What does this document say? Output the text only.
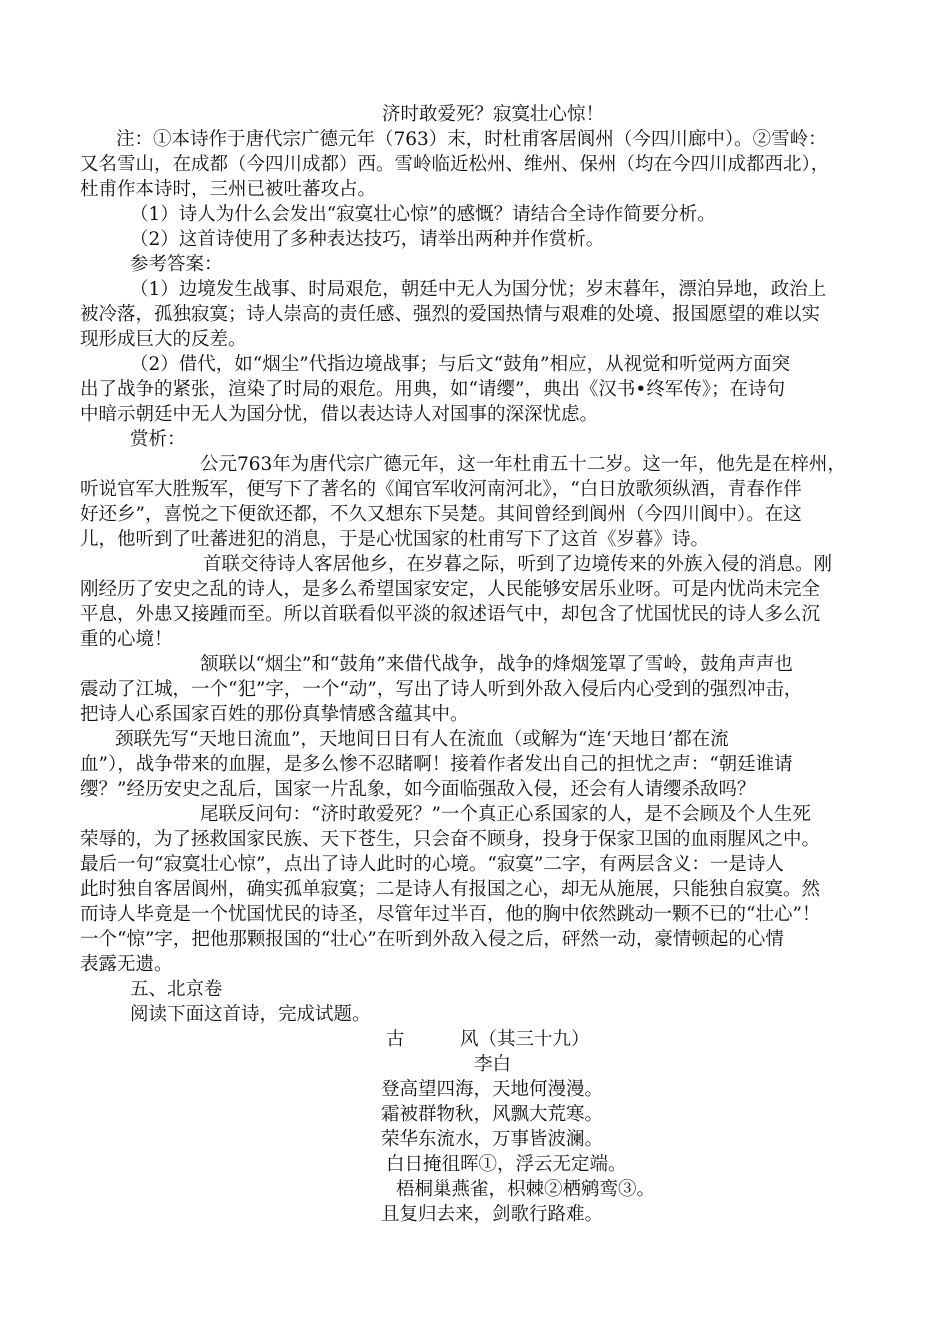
济时敢爱死？寂寞壮心惊！
注：①本诗作于唐代宗广德元年（763）末，时杜甫客居阆州（今四川廊中）。②雪岭：
又名雪山，在成都（今四川成都）西。雪岭临近松州、维州、保州（均在今四川成都西北），
杜甫作本诗时，三州已被吐蕃攻占。
（1）诗人为什么会发出“寂寞壮心惊”的感慨？请结合全诗作简要分析。
（2）这首诗使用了多种表达技巧，请举出两种并作赏析。
参考答案：
（1）边境发生战事、时局艰危，朝廷中无人为国分忧；岁末暮年，漂泊异地，政治上
被冷落，孤独寂寞；诗人崇高的责任感、强烈的爱国热情与艰难的处境、报国愿望的难以实
现形成巨大的反差。
（2）借代，如“烟尘”代指边境战事；与后文“鼓角”相应，从视觉和听觉两方面突
出了战争的紧张，渲染了时局的艰危。用典，如“请缨”，典出《汉书•终军传》；在诗句
中暗示朝廷中无人为国分忧，借以表达诗人对国事的深深忧虑。
赏析：
公元763年为唐代宗广德元年，这一年杜甫五十二岁。这一年，他先是在梓州，
听说官军大胜叛军，便写下了著名的《闻官军收河南河北》，“白日放歌须纵酒，青春作伴
好还乡”，喜悦之下便欲还都，不久又想东下吴楚。其间曾经到阆州（今四川阆中）。在这
儿，他听到了吐蕃进犯的消息，于是心忧国家的杜甫写下了这首《岁暮》诗。
首联交待诗人客居他乡，在岁暮之际，听到了边境传来的外族入侵的消息。刚
刚经历了安史之乱的诗人，是多么希望国家安定，人民能够安居乐业呀。可是内忧尚未完全
平息，外患又接踵而至。所以首联看似平淡的叙述语气中，却包含了忧国忧民的诗人多么沉
重的心境！
颔联以“烟尘”和“鼓角”来借代战争，战争的烽烟笼罩了雪岭，鼓角声声也
震动了江城，一个“犯”字，一个“动”，写出了诗人听到外敌入侵后内心受到的强烈冲击，
把诗人心系国家百姓的那份真挚情感含蕴其中。
颈联先写“天地日流血”，天地间日日有人在流血（或解为“连‘天地日’都在流
血”），战争带来的血腥，是多么惨不忍睹啊！接着作者发出自己的担忧之声：“朝廷谁请
缨？”经历安史之乱后，国家一片乱象，如今面临强敌入侵，还会有人请缨杀敌吗？
尾联反问句：“济时敢爱死？”一个真正心系国家的人，是不会顾及个人生死
荣辱的，为了拯救国家民族、天下苍生，只会奋不顾身，投身于保家卫国的血雨腥风之中。
最后一句“寂寞壮心惊”，点出了诗人此时的心境。“寂寞”二字，有两层含义：一是诗人
此时独自客居阆州，确实孤单寂寞；二是诗人有报国之心，却无从施展，只能独自寂寞。然
而诗人毕竟是一个忧国忧民的诗圣，尽管年过半百，他的胸中依然跳动一颗不已的“壮心”！
一个“惊”字，把他那颗报国的“壮心”在听到外敌入侵之后，砰然一动，豪情顿起的心情
表露无遗。
五、北京卷
阅读下面这首诗，完成试题。
古　　　风（其三十九）
李白
登高望四海，天地何漫漫。
霜被群物秋，风飘大荒寒。
荣华东流水，万事皆波澜。
白日掩徂晖①，浮云无定端。
梧桐巢燕雀，枳棘②栖鹓鸾③。
且复归去来，剑歌行路难。
